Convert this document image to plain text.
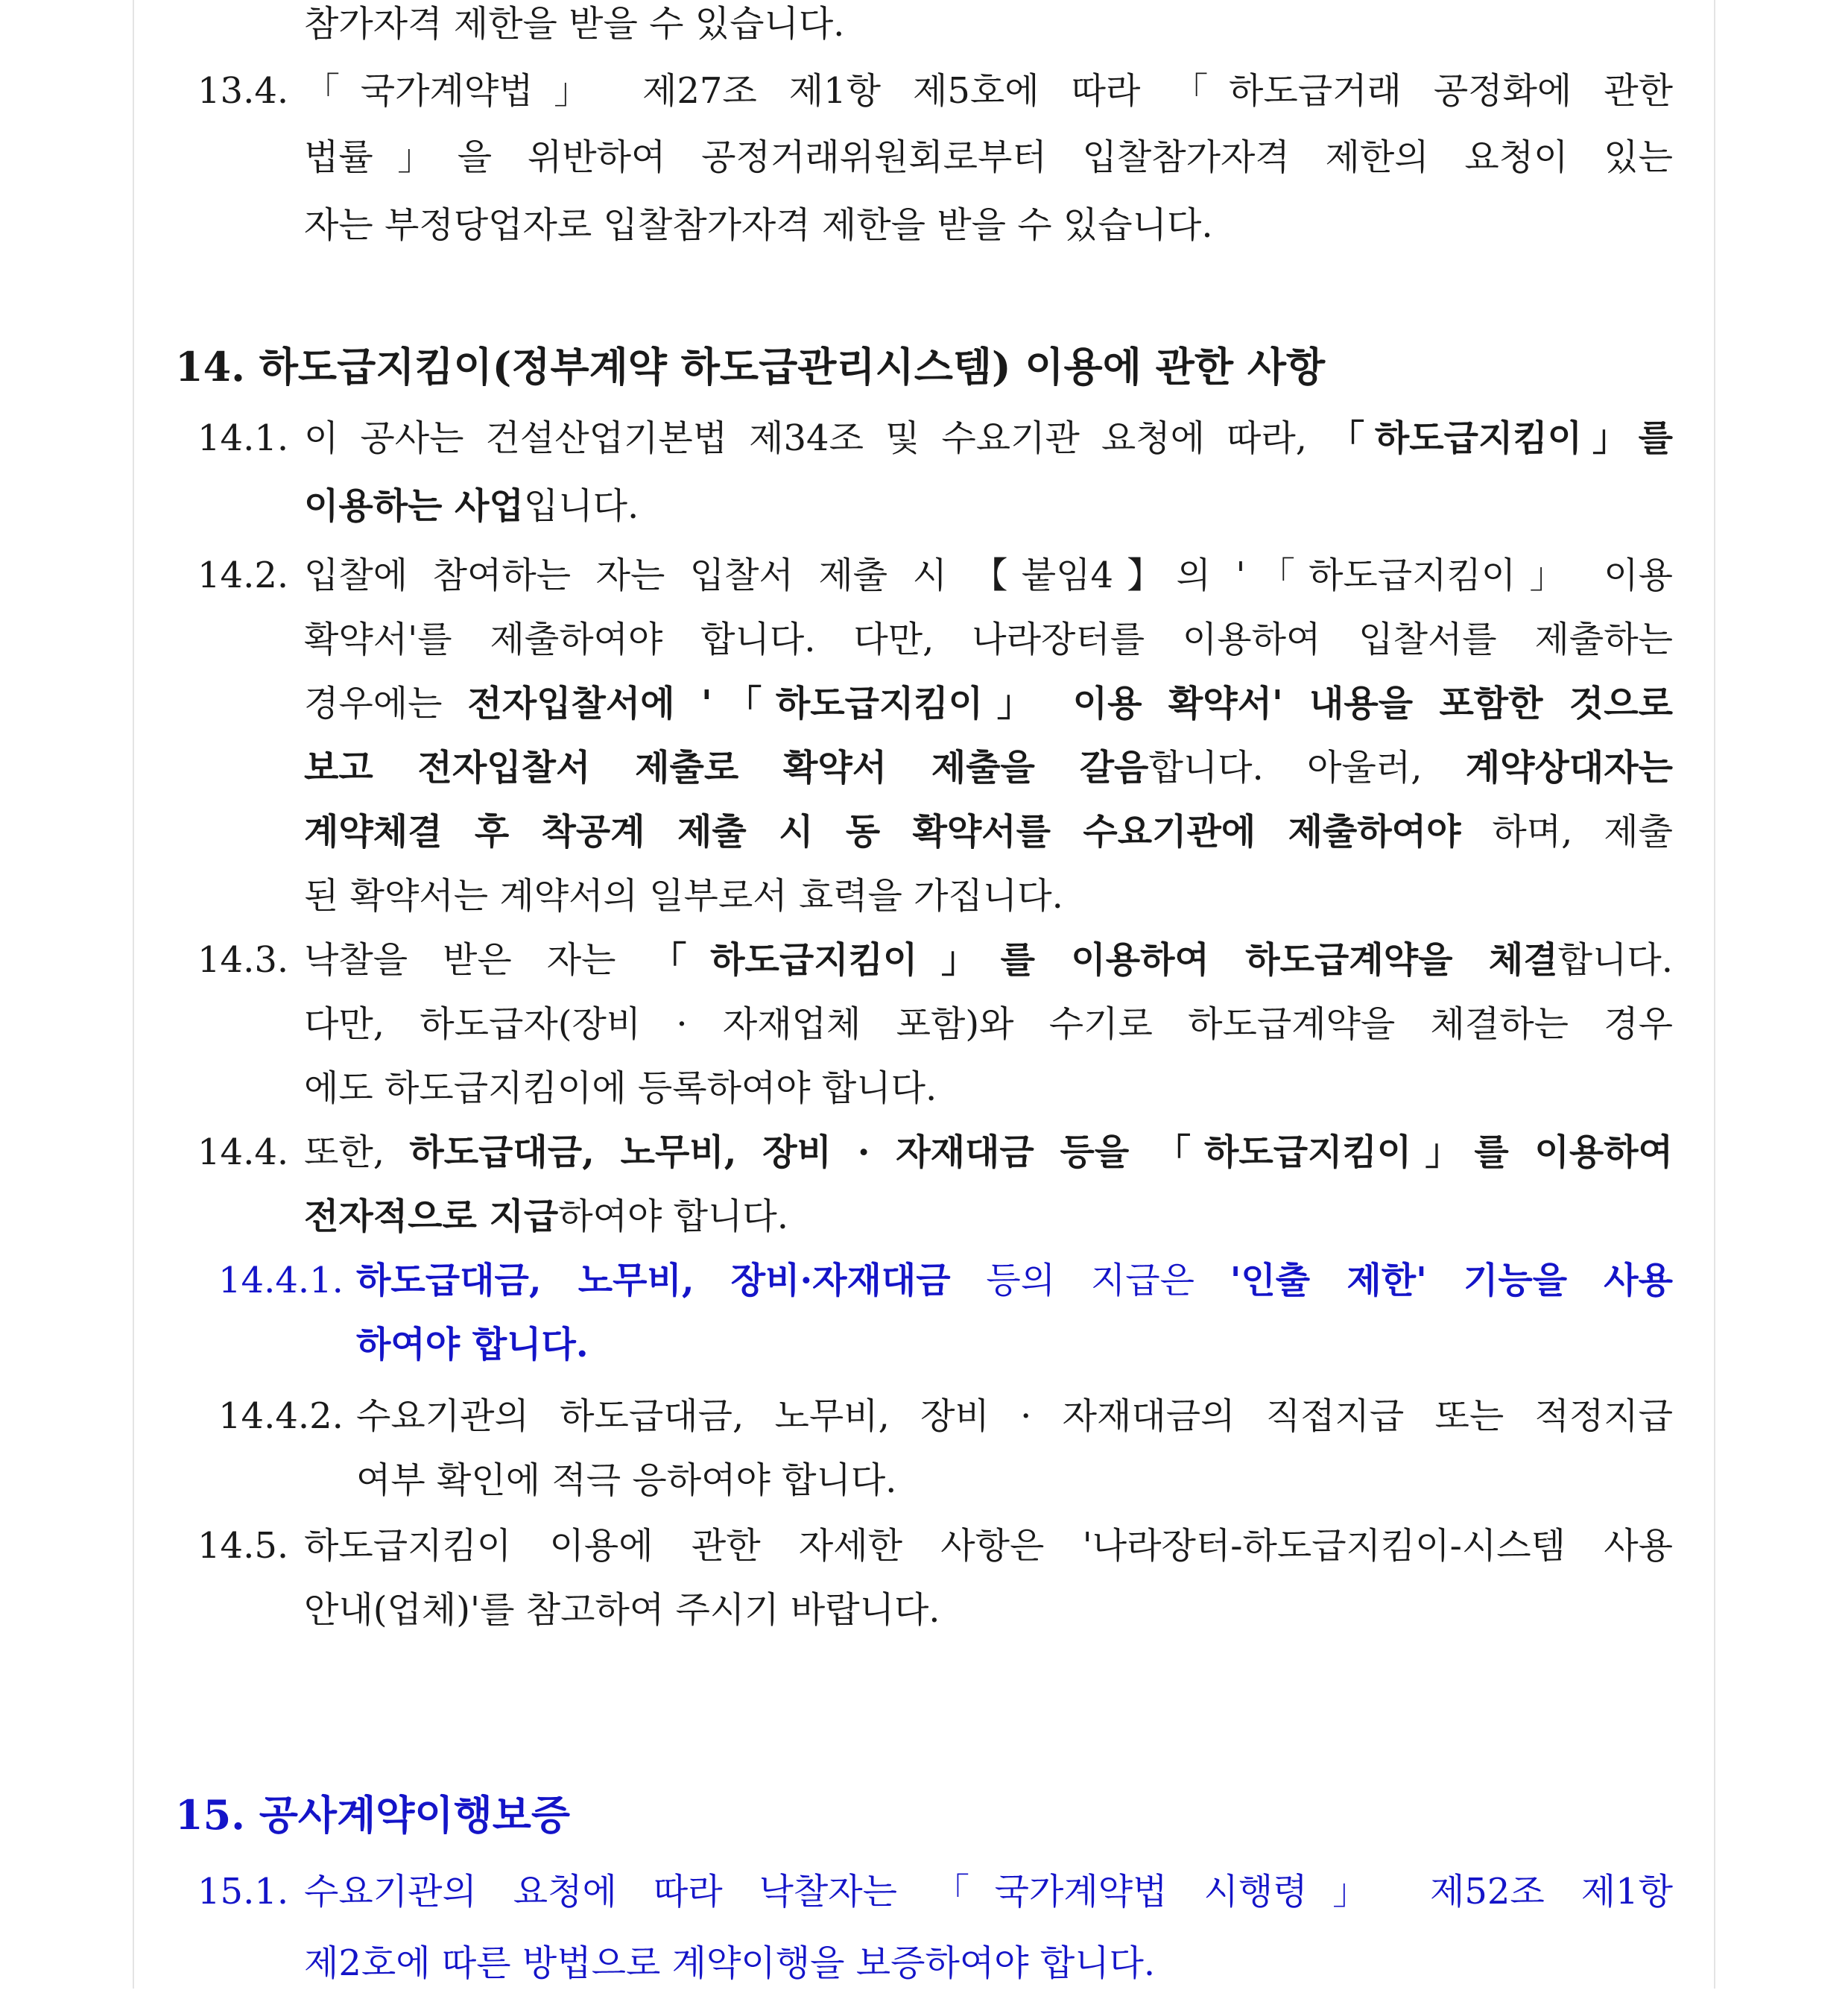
참가자격 제한을 받을 수 있습니다.
13.4. 「국가계약법」 제27조 제1항 제5호에 따라 「하도급거래 공정화에 관한
법률」을 위반하여 공정거래위원회로부터 입찰참가자격 제한의 요청이 있는
자는 부정당업자로 입찰참가자격 제한을 받을 수 있습니다.
14. 하도급지킴이(정부계약 하도급관리시스템) 이용에 관한 사항
14.1. 이 공사는 건설산업기본법 제34조 및 수요기관 요청에 따라, 「하도급지킴이」를
이용하는 사업입니다.
14.2. 입찰에 참여하는 자는 입찰서 제출 시 【붙임4】의 '「하도급지킴이」 이용
확약서'를 제출하여야 합니다. 다만, 나라장터를 이용하여 입찰서를 제출하는
경우에는 전자입찰서에 '「하도급지킴이」 이용 확약서' 내용을 포함한 것으로
보고 전자입찰서 제출로 확약서 제출을 갈음합니다. 아울러, 계약상대자는
계약체결 후 착공계 제출 시 동 확약서를 수요기관에 제출하여야 하며, 제출
된 확약서는 계약서의 일부로서 효력을 가집니다.
14.3. 낙찰을 받은 자는 「하도급지킴이」를 이용하여 하도급계약을 체결합니다.
다만, 하도급자(장비 · 자재업체 포함)와 수기로 하도급계약을 체결하는 경우
에도 하도급지킴이에 등록하여야 합니다.
14.4. 또한, 하도급대금, 노무비, 장비 · 자재대금 등을 「하도급지킴이」를 이용하여
전자적으로 지급하여야 합니다.
14.4.1. 하도급대금, 노무비, 장비·자재대금 등의 지급은 '인출 제한' 기능을 사용
하여야 합니다.
14.4.2. 수요기관의 하도급대금, 노무비, 장비 · 자재대금의 직접지급 또는 적정지급
여부 확인에 적극 응하여야 합니다.
14.5. 하도급지킴이 이용에 관한 자세한 사항은 '나라장터-하도급지킴이-시스템 사용
안내(업체)'를 참고하여 주시기 바랍니다.
15. 공사계약이행보증
15.1. 수요기관의 요청에 따라 낙찰자는 「국가계약법 시행령」 제52조 제1항
제2호에 따른 방법으로 계약이행을 보증하여야 합니다.
